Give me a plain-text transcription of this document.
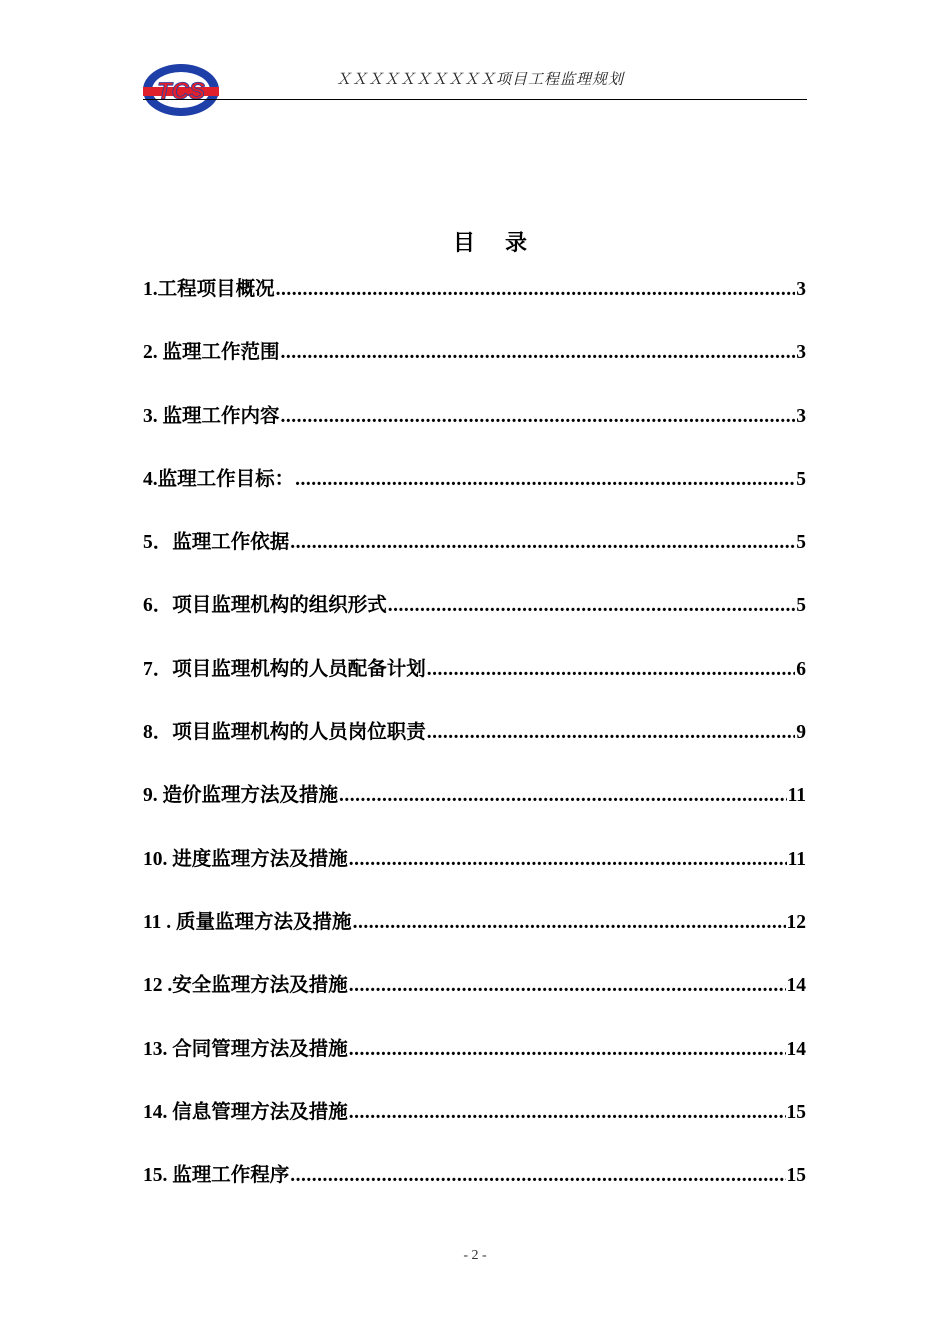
TCS	ＸＸＸＸＸＸＸＸＸＸ项目工程监理规划
目录
1.工程项目概况 .....	3
2. 监理工作范围 .....	3
3. 监理工作内容 .....	3
4.监理工作目标： .....	5
5．监理工作依据 .....	5
6．项目监理机构的组织形式 .....	5
7．项目监理机构的人员配备计划 .....	6
8．项目监理机构的人员岗位职责 .....	9
9. 造价监理方法及措施 .....	11
10. 进度监理方法及措施 .....	11
11 . 质量监理方法及措施 .....	12
12 .安全监理方法及措施 .....	14
13. 合同管理方法及措施 .....	14
14. 信息管理方法及措施 .....	15
15. 监理工作程序 .....	15
- 2 -
